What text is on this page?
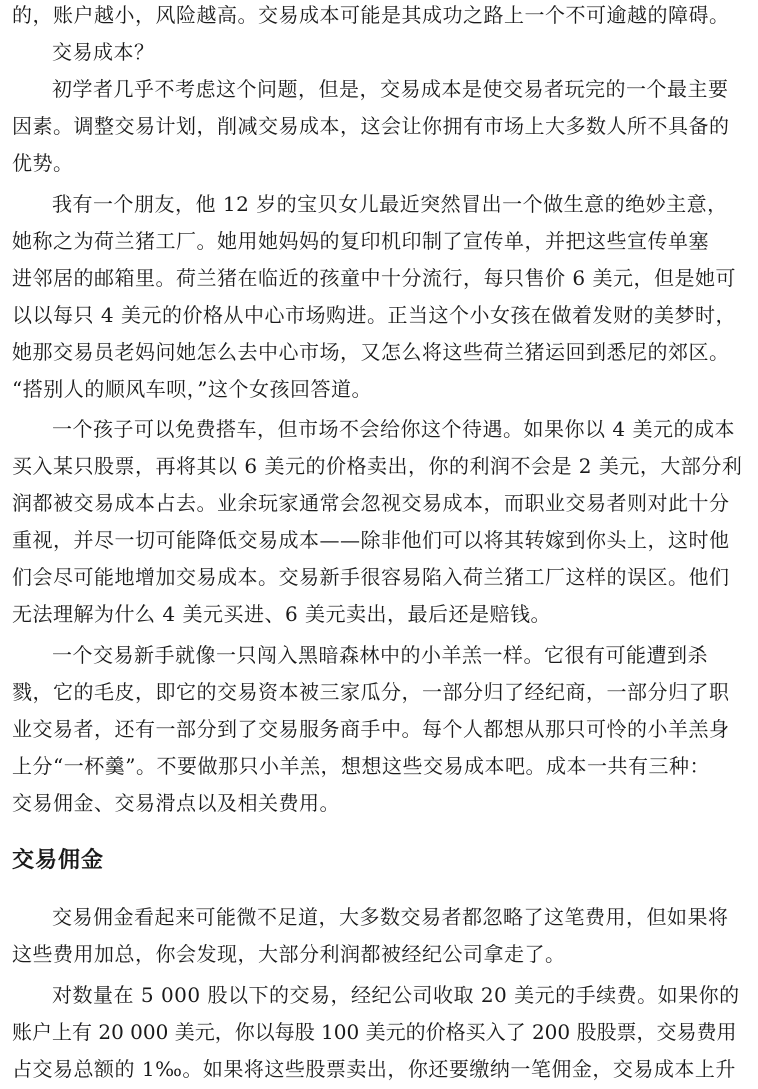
的，账户越小，风险越高。交易成本可能是其成功之路上一个不可逾越的障碍。
交易成本？
初学者几乎不考虑这个问题，但是，交易成本是使交易者玩完的一个最主要
因素。调整交易计划，削减交易成本，这会让你拥有市场上大多数人所不具备的
优势。
我有一个朋友，他 12 岁的宝贝女儿最近突然冒出一个做生意的绝妙主意，
她称之为荷兰猪工厂。她用她妈妈的复印机印制了宣传单，并把这些宣传单塞
进邻居的邮箱里。荷兰猪在临近的孩童中十分流行，每只售价 6 美元，但是她可
以以每只 4 美元的价格从中心市场购进。正当这个小女孩在做着发财的美梦时，
她那交易员老妈问她怎么去中心市场，又怎么将这些荷兰猪运回到悉尼的郊区。
“搭别人的顺风车呗，”这个女孩回答道。
一个孩子可以免费搭车，但市场不会给你这个待遇。如果你以 4 美元的成本
买入某只股票，再将其以 6 美元的价格卖出，你的利润不会是 2 美元，大部分利
润都被交易成本占去。业余玩家通常会忽视交易成本，而职业交易者则对此十分
重视，并尽一切可能降低交易成本——除非他们可以将其转嫁到你头上，这时他
们会尽可能地增加交易成本。交易新手很容易陷入荷兰猪工厂这样的误区。他们
无法理解为什么 4 美元买进、6 美元卖出，最后还是赔钱。
一个交易新手就像一只闯入黑暗森林中的小羊羔一样。它很有可能遭到杀
戮，它的毛皮，即它的交易资本被三家瓜分，一部分归了经纪商，一部分归了职
业交易者，还有一部分到了交易服务商手中。每个人都想从那只可怜的小羊羔身
上分“一杯羹”。不要做那只小羊羔，想想这些交易成本吧。成本一共有三种：
交易佣金、交易滑点以及相关费用。
交易佣金
交易佣金看起来可能微不足道，大多数交易者都忽略了这笔费用，但如果将
这些费用加总，你会发现，大部分利润都被经纪公司拿走了。
对数量在 5 000 股以下的交易，经纪公司收取 20 美元的手续费。如果你的
账户上有 20 000 美元，你以每股 100 美元的价格买入了 200 股股票，交易费用
占交易总额的 1‰。如果将这些股票卖出，你还要缴纳一笔佣金，交易成本上升
